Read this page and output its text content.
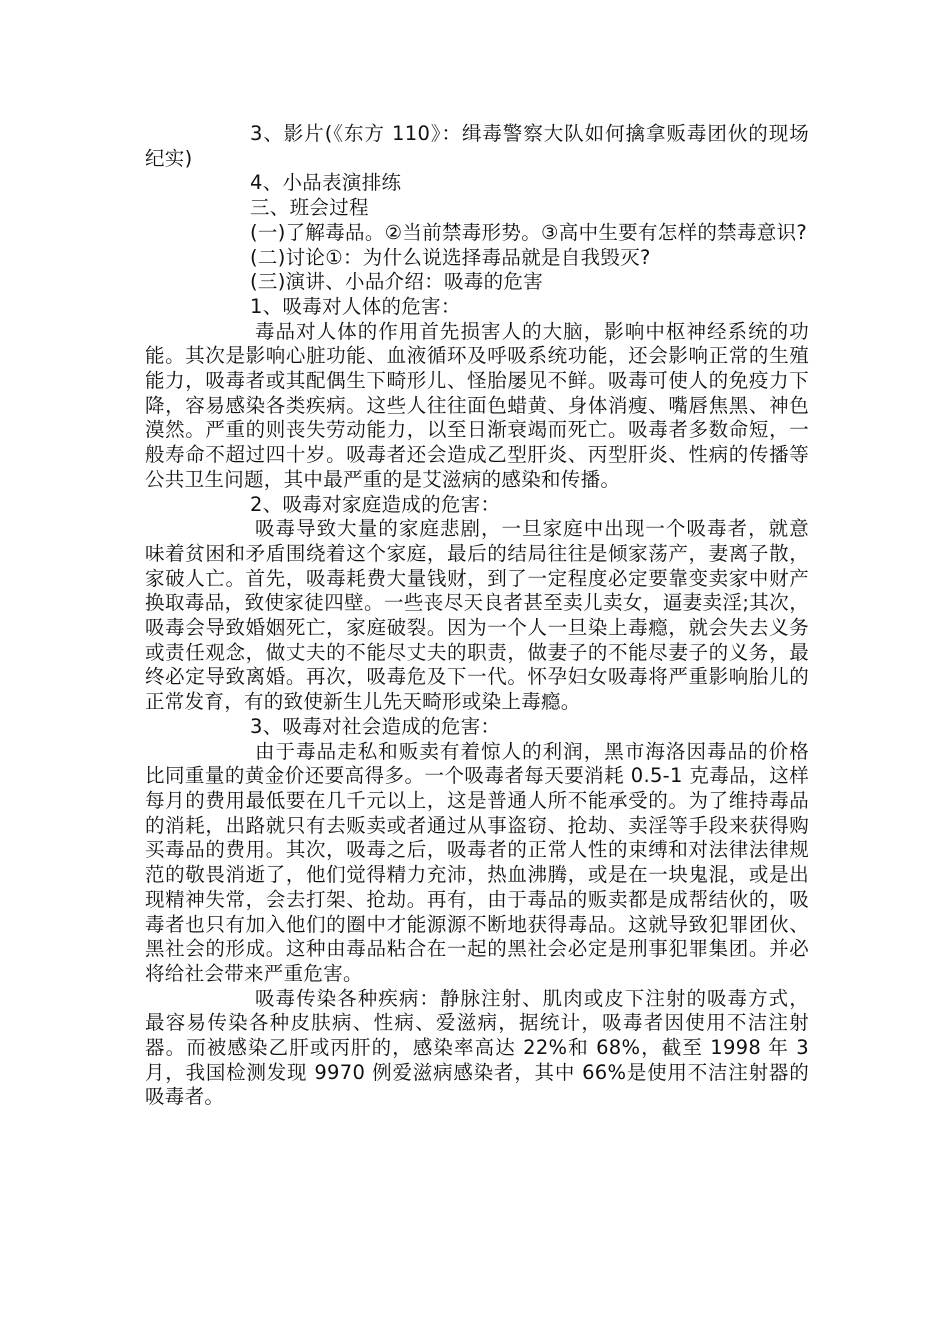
3、影片(《东方 110》：缉毒警察大队如何擒拿贩毒团伙的现场纪实)

4、小品表演排练

三、班会过程

(一)了解毒品。②当前禁毒形势。③高中生要有怎样的禁毒意识?

(二)讨论①：为什么说选择毒品就是自我毁灭?

(三)演讲、小品介绍：吸毒的危害

1、吸毒对人体的危害：

毒品对人体的作用首先损害人的大脑，影响中枢神经系统的功能。其次是影响心脏功能、血液循环及呼吸系统功能，还会影响正常的生殖能力，吸毒者或其配偶生下畸形儿、怪胎屡见不鲜。吸毒可使人的免疫力下降，容易感染各类疾病。这些人往往面色蜡黄、身体消瘦、嘴唇焦黑、神色漠然。严重的则丧失劳动能力，以至日渐衰竭而死亡。吸毒者多数命短，一般寿命不超过四十岁。吸毒者还会造成乙型肝炎、丙型肝炎、性病的传播等公共卫生问题，其中最严重的是艾滋病的感染和传播。

2、吸毒对家庭造成的危害：

吸毒导致大量的家庭悲剧，一旦家庭中出现一个吸毒者，就意味着贫困和矛盾围绕着这个家庭，最后的结局往往是倾家荡产，妻离子散，家破人亡。首先，吸毒耗费大量钱财，到了一定程度必定要靠变卖家中财产换取毒品，致使家徒四壁。一些丧尽天良者甚至卖儿卖女，逼妻卖淫;其次，吸毒会导致婚姻死亡，家庭破裂。因为一个人一旦染上毒瘾，就会失去义务或责任观念，做丈夫的不能尽丈夫的职责，做妻子的不能尽妻子的义务，最终必定导致离婚。再次，吸毒危及下一代。怀孕妇女吸毒将严重影响胎儿的正常发育，有的致使新生儿先天畸形或染上毒瘾。

3、吸毒对社会造成的危害：

由于毒品走私和贩卖有着惊人的利润，黑市海洛因毒品的价格比同重量的黄金价还要高得多。一个吸毒者每天要消耗 0.5-1 克毒品，这样每月的费用最低要在几千元以上，这是普通人所不能承受的。为了维持毒品的消耗，出路就只有去贩卖或者通过从事盗窃、抢劫、卖淫等手段来获得购买毒品的费用。其次，吸毒之后，吸毒者的正常人性的束缚和对法律法律规范的敬畏消逝了，他们觉得精力充沛，热血沸腾，或是在一块鬼混，或是出现精神失常，会去打架、抢劫。再有，由于毒品的贩卖都是成帮结伙的，吸毒者也只有加入他们的圈中才能源源不断地获得毒品。这就导致犯罪团伙、黑社会的形成。这种由毒品粘合在一起的黑社会必定是刑事犯罪集团。并必将给社会带来严重危害。

吸毒传染各种疾病：静脉注射、肌肉或皮下注射的吸毒方式，最容易传染各种皮肤病、性病、爱滋病，据统计，吸毒者因使用不洁注射器。而被感染乙肝或丙肝的，感染率高达 22%和 68%，截至 1998 年 3 月，我国检测发现 9970 例爱滋病感染者，其中 66%是使用不洁注射器的吸毒者。
